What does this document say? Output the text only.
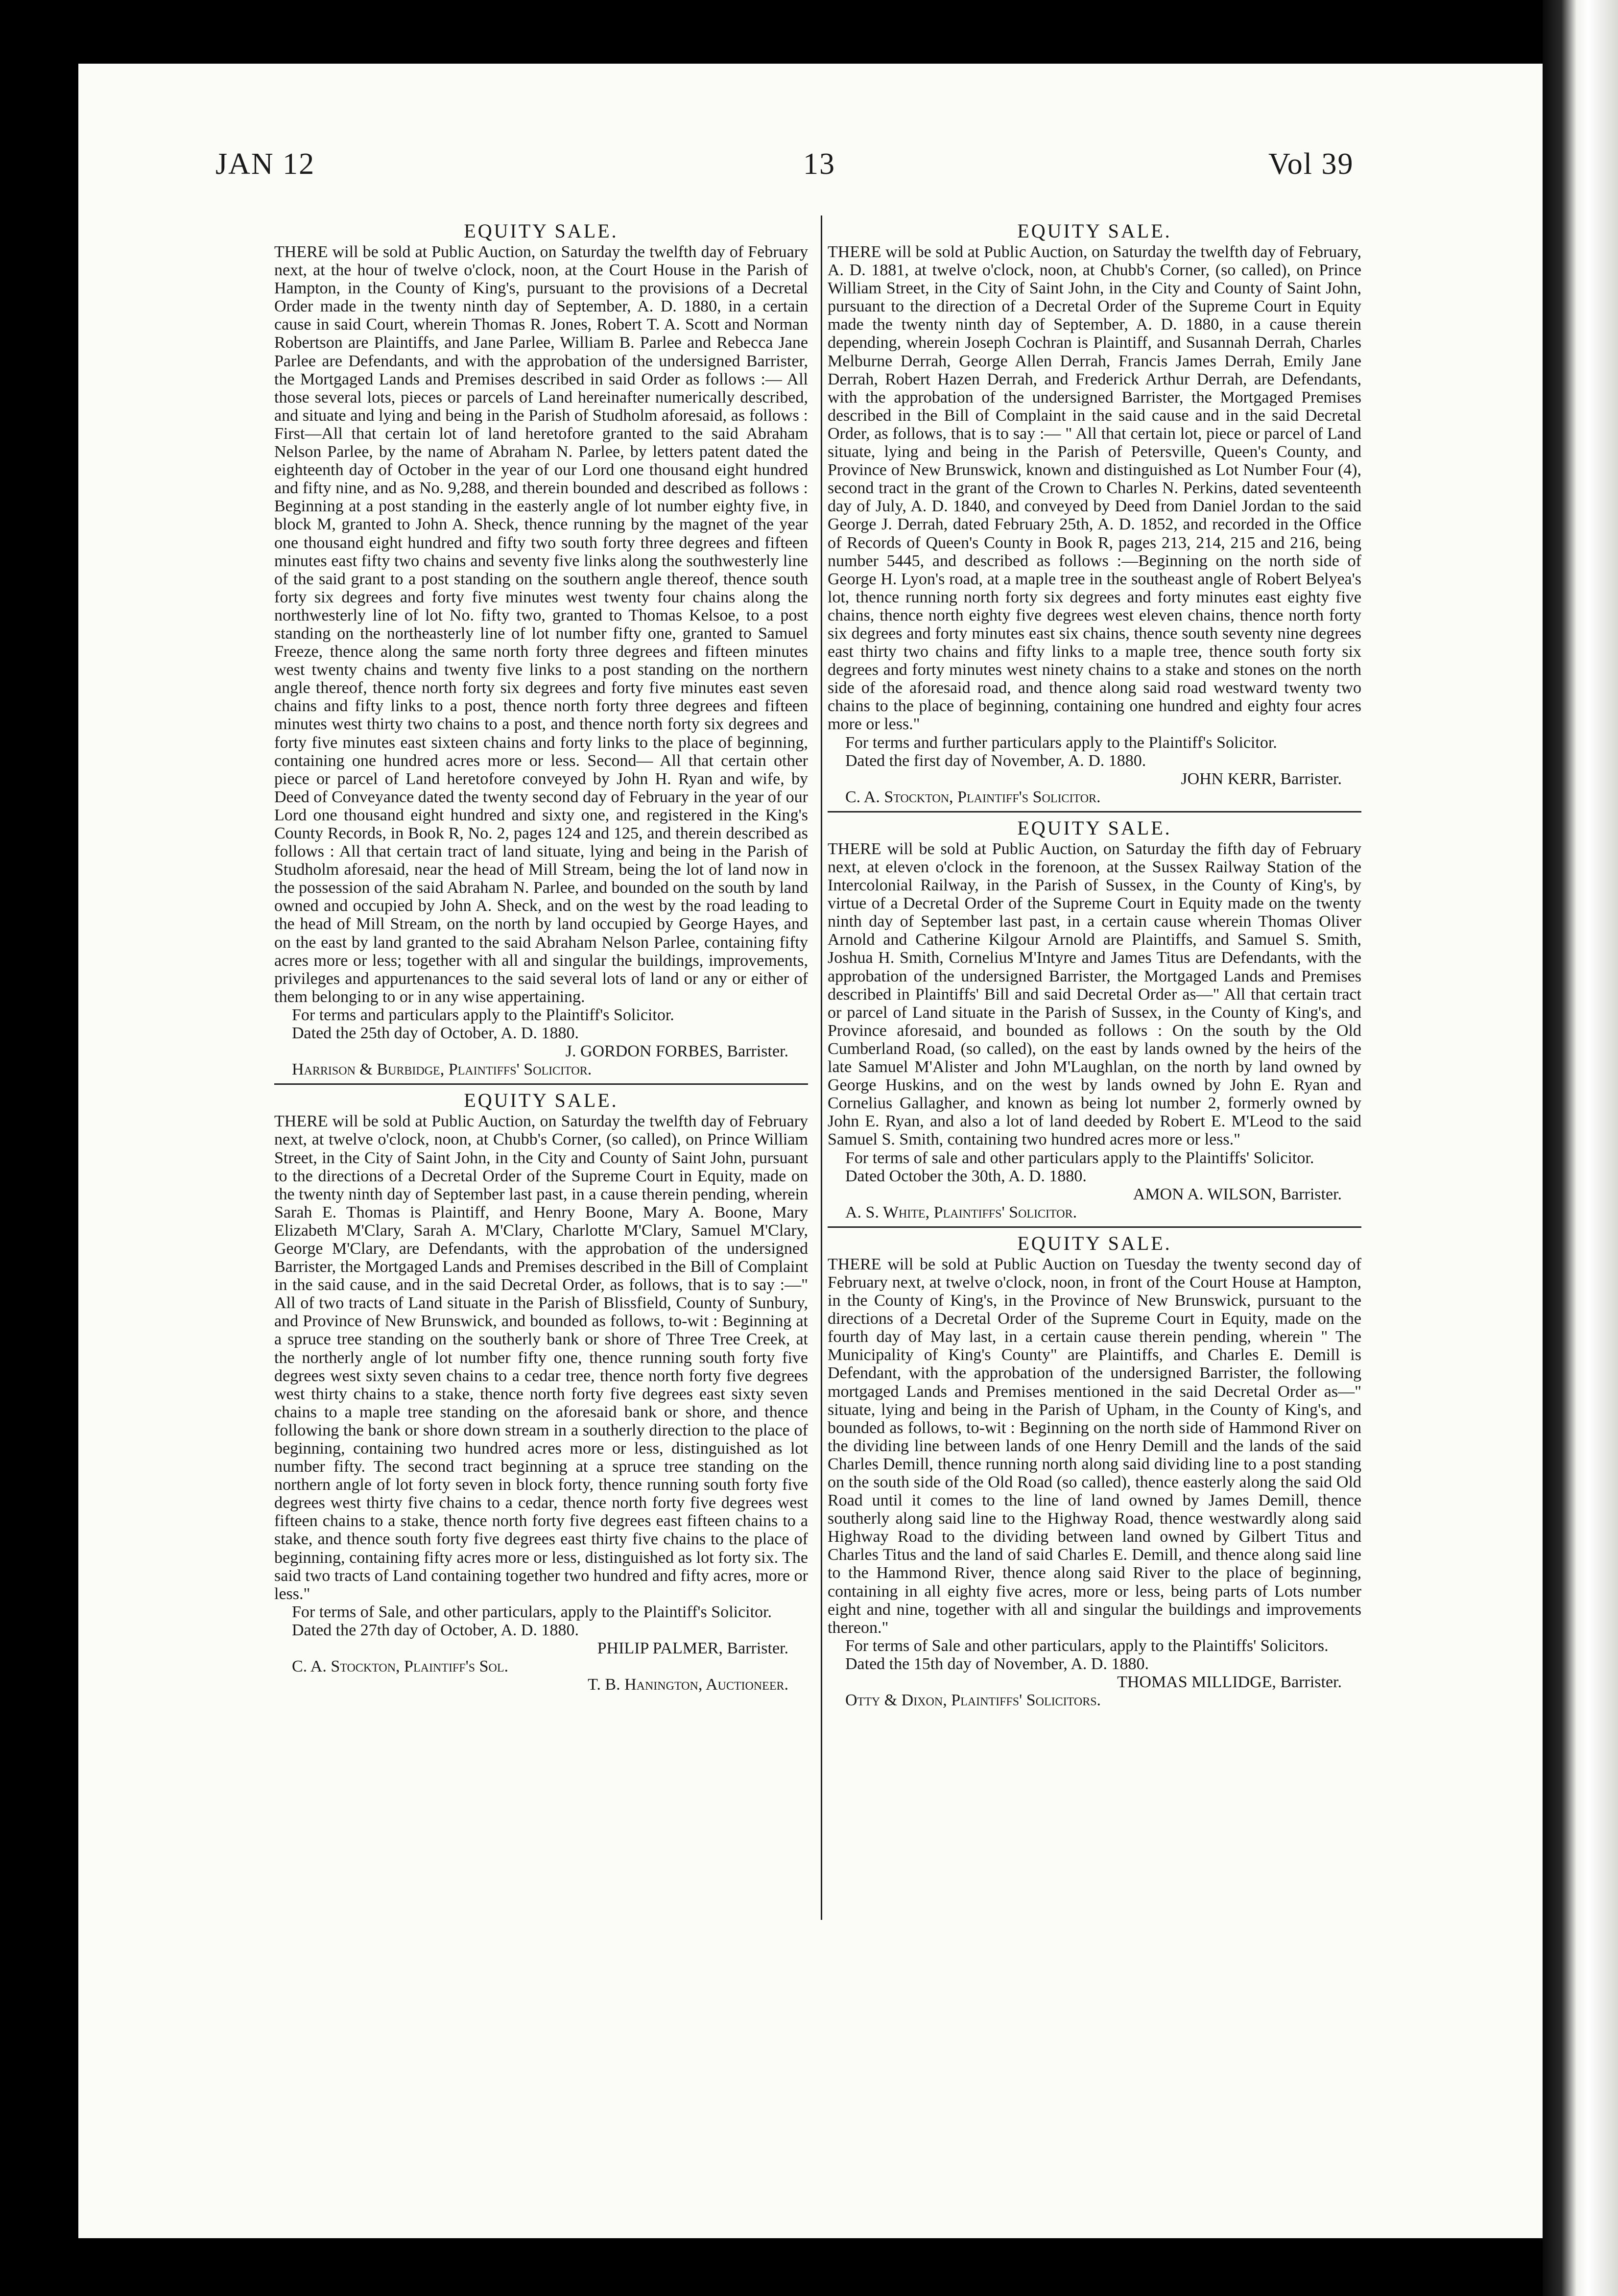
JAN 12	13	Vol 39
EQUITY SALE.

THERE will be sold at Public Auction, on Saturday the twelfth day of February next, at the hour of twelve o'clock, noon, at the Court House in the Parish of Hampton, in the County of King's, pursuant to the provisions of a Decretal Order made in the twenty ninth day of September, A. D. 1880, in a certain cause in said Court, wherein Thomas R. Jones, Robert T. A. Scott and Norman Robertson are Plaintiffs, and Jane Parlee, William B. Parlee and Rebecca Jane Parlee are Defendants, and with the approbation of the undersigned Barrister, the Mortgaged Lands and Premises described in said Order as follows :— All those several lots, pieces or parcels of Land hereinafter numerically described, and situate and lying and being in the Parish of Studholm aforesaid, as follows : First—All that certain lot of land heretofore granted to the said Abraham Nelson Parlee, by the name of Abraham N. Parlee, by letters patent dated the eighteenth day of October in the year of our Lord one thousand eight hundred and fifty nine, and as No. 9,288, and therein bounded and described as follows : Beginning at a post standing in the easterly angle of lot number eighty five, in block M, granted to John A. Sheck, thence running by the magnet of the year one thousand eight hundred and fifty two south forty three degrees and fifteen minutes east fifty two chains and seventy five links along the southwesterly line of the said grant to a post standing on the southern angle thereof, thence south forty six degrees and forty five minutes west twenty four chains along the northwesterly line of lot No. fifty two, granted to Thomas Kelsoe, to a post standing on the northeasterly line of lot number fifty one, granted to Samuel Freeze, thence along the same north forty three degrees and fifteen minutes west twenty chains and twenty five links to a post standing on the northern angle thereof, thence north forty six degrees and forty five minutes east seven chains and fifty links to a post, thence north forty three degrees and fifteen minutes west thirty two chains to a post, and thence north forty six degrees and forty five minutes east sixteen chains and forty links to the place of beginning, containing one hundred acres more or less. Second— All that certain other piece or parcel of Land heretofore conveyed by John H. Ryan and wife, by Deed of Conveyance dated the twenty second day of February in the year of our Lord one thousand eight hundred and sixty one, and registered in the King's County Records, in Book R, No. 2, pages 124 and 125, and therein described as follows : All that certain tract of land situate, lying and being in the Parish of Studholm aforesaid, near the head of Mill Stream, being the lot of land now in the possession of the said Abraham N. Parlee, and bounded on the south by land owned and occupied by John A. Sheck, and on the west by the road leading to the head of Mill Stream, on the north by land occupied by George Hayes, and on the east by land granted to the said Abraham Nelson Parlee, containing fifty acres more or less; together with all and singular the buildings, improvements, privileges and appurtenances to the said several lots of land or any or either of them belonging to or in any wise appertaining.

For terms and particulars apply to the Plaintiff's Solicitor.

Dated the 25th day of October, A. D. 1880.

J. GORDON FORBES, Barrister.

Harrison & Burbidge, Plaintiffs' Solicitor.

EQUITY SALE.

THERE will be sold at Public Auction, on Saturday the twelfth day of February next, at twelve o'clock, noon, at Chubb's Corner, (so called), on Prince William Street, in the City of Saint John, in the City and County of Saint John, pursuant to the directions of a Decretal Order of the Supreme Court in Equity, made on the twenty ninth day of September last past, in a cause therein pending, wherein Sarah E. Thomas is Plaintiff, and Henry Boone, Mary A. Boone, Mary Elizabeth M'Clary, Sarah A. M'Clary, Charlotte M'Clary, Samuel M'Clary, George M'Clary, are Defendants, with the approbation of the undersigned Barrister, the Mortgaged Lands and Premises described in the Bill of Complaint in the said cause, and in the said Decretal Order, as follows, that is to say :—" All of two tracts of Land situate in the Parish of Blissfield, County of Sunbury, and Province of New Brunswick, and bounded as follows, to-wit : Beginning at a spruce tree standing on the southerly bank or shore of Three Tree Creek, at the northerly angle of lot number fifty one, thence running south forty five degrees west sixty seven chains to a cedar tree, thence north forty five degrees west thirty chains to a stake, thence north forty five degrees east sixty seven chains to a maple tree standing on the aforesaid bank or shore, and thence following the bank or shore down stream in a southerly direction to the place of beginning, containing two hundred acres more or less, distinguished as lot number fifty. The second tract beginning at a spruce tree standing on the northern angle of lot forty seven in block forty, thence running south forty five degrees west thirty five chains to a cedar, thence north forty five degrees west fifteen chains to a stake, thence north forty five degrees east fifteen chains to a stake, and thence south forty five degrees east thirty five chains to the place of beginning, containing fifty acres more or less, distinguished as lot forty six. The said two tracts of Land containing together two hundred and fifty acres, more or less."

For terms of Sale, and other particulars, apply to the Plaintiff's Solicitor.

Dated the 27th day of October, A. D. 1880.

PHILIP PALMER, Barrister.

C. A. Stockton, Plaintiff's Sol.

T. B. Hanington, Auctioneer.

EQUITY SALE.

THERE will be sold at Public Auction, on Saturday the twelfth day of February, A. D. 1881, at twelve o'clock, noon, at Chubb's Corner, (so called), on Prince William Street, in the City of Saint John, in the City and County of Saint John, pursuant to the direction of a Decretal Order of the Supreme Court in Equity made the twenty ninth day of September, A. D. 1880, in a cause therein depending, wherein Joseph Cochran is Plaintiff, and Susannah Derrah, Charles Melburne Derrah, George Allen Derrah, Francis James Derrah, Emily Jane Derrah, Robert Hazen Derrah, and Frederick Arthur Derrah, are Defendants, with the approbation of the undersigned Barrister, the Mortgaged Premises described in the Bill of Complaint in the said cause and in the said Decretal Order, as follows, that is to say :— " All that certain lot, piece or parcel of Land situate, lying and being in the Parish of Petersville, Queen's County, and Province of New Brunswick, known and distinguished as Lot Number Four (4), second tract in the grant of the Crown to Charles N. Perkins, dated seventeenth day of July, A. D. 1840, and conveyed by Deed from Daniel Jordan to the said George J. Derrah, dated February 25th, A. D. 1852, and recorded in the Office of Records of Queen's County in Book R, pages 213, 214, 215 and 216, being number 5445, and described as follows :—Beginning on the north side of George H. Lyon's road, at a maple tree in the southeast angle of Robert Belyea's lot, thence running north forty six degrees and forty minutes east eighty five chains, thence north eighty five degrees west eleven chains, thence north forty six degrees and forty minutes east six chains, thence south seventy nine degrees east thirty two chains and fifty links to a maple tree, thence south forty six degrees and forty minutes west ninety chains to a stake and stones on the north side of the aforesaid road, and thence along said road westward twenty two chains to the place of beginning, containing one hundred and eighty four acres more or less."

For terms and further particulars apply to the Plaintiff's Solicitor.

Dated the first day of November, A. D. 1880.

JOHN KERR, Barrister.

C. A. Stockton, Plaintiff's Solicitor.

EQUITY SALE.

THERE will be sold at Public Auction, on Saturday the fifth day of February next, at eleven o'clock in the forenoon, at the Sussex Railway Station of the Intercolonial Railway, in the Parish of Sussex, in the County of King's, by virtue of a Decretal Order of the Supreme Court in Equity made on the twenty ninth day of September last past, in a certain cause wherein Thomas Oliver Arnold and Catherine Kilgour Arnold are Plaintiffs, and Samuel S. Smith, Joshua H. Smith, Cornelius M'Intyre and James Titus are Defendants, with the approbation of the undersigned Barrister, the Mortgaged Lands and Premises described in Plaintiffs' Bill and said Decretal Order as—" All that certain tract or parcel of Land situate in the Parish of Sussex, in the County of King's, and Province aforesaid, and bounded as follows : On the south by the Old Cumberland Road, (so called), on the east by lands owned by the heirs of the late Samuel M'Alister and John M'Laughlan, on the north by land owned by George Huskins, and on the west by lands owned by John E. Ryan and Cornelius Gallagher, and known as being lot number 2, formerly owned by John E. Ryan, and also a lot of land deeded by Robert E. M'Leod to the said Samuel S. Smith, containing two hundred acres more or less."

For terms of sale and other particulars apply to the Plaintiffs' Solicitor.

Dated October the 30th, A. D. 1880.

AMON A. WILSON, Barrister.

A. S. White, Plaintiffs' Solicitor.

EQUITY SALE.

THERE will be sold at Public Auction on Tuesday the twenty second day of February next, at twelve o'clock, noon, in front of the Court House at Hampton, in the County of King's, in the Province of New Brunswick, pursuant to the directions of a Decretal Order of the Supreme Court in Equity, made on the fourth day of May last, in a certain cause therein pending, wherein " The Municipality of King's County" are Plaintiffs, and Charles E. Demill is Defendant, with the approbation of the undersigned Barrister, the following mortgaged Lands and Premises mentioned in the said Decretal Order as—" situate, lying and being in the Parish of Upham, in the County of King's, and bounded as follows, to-wit : Beginning on the north side of Hammond River on the dividing line between lands of one Henry Demill and the lands of the said Charles Demill, thence running north along said dividing line to a post standing on the south side of the Old Road (so called), thence easterly along the said Old Road until it comes to the line of land owned by James Demill, thence southerly along said line to the Highway Road, thence westwardly along said Highway Road to the dividing between land owned by Gilbert Titus and Charles Titus and the land of said Charles E. Demill, and thence along said line to the Hammond River, thence along said River to the place of beginning, containing in all eighty five acres, more or less, being parts of Lots number eight and nine, together with all and singular the buildings and improvements thereon."

For terms of Sale and other particulars, apply to the Plaintiffs' Solicitors.

Dated the 15th day of November, A. D. 1880.

THOMAS MILLIDGE, Barrister.

Otty & Dixon, Plaintiffs' Solicitors.
